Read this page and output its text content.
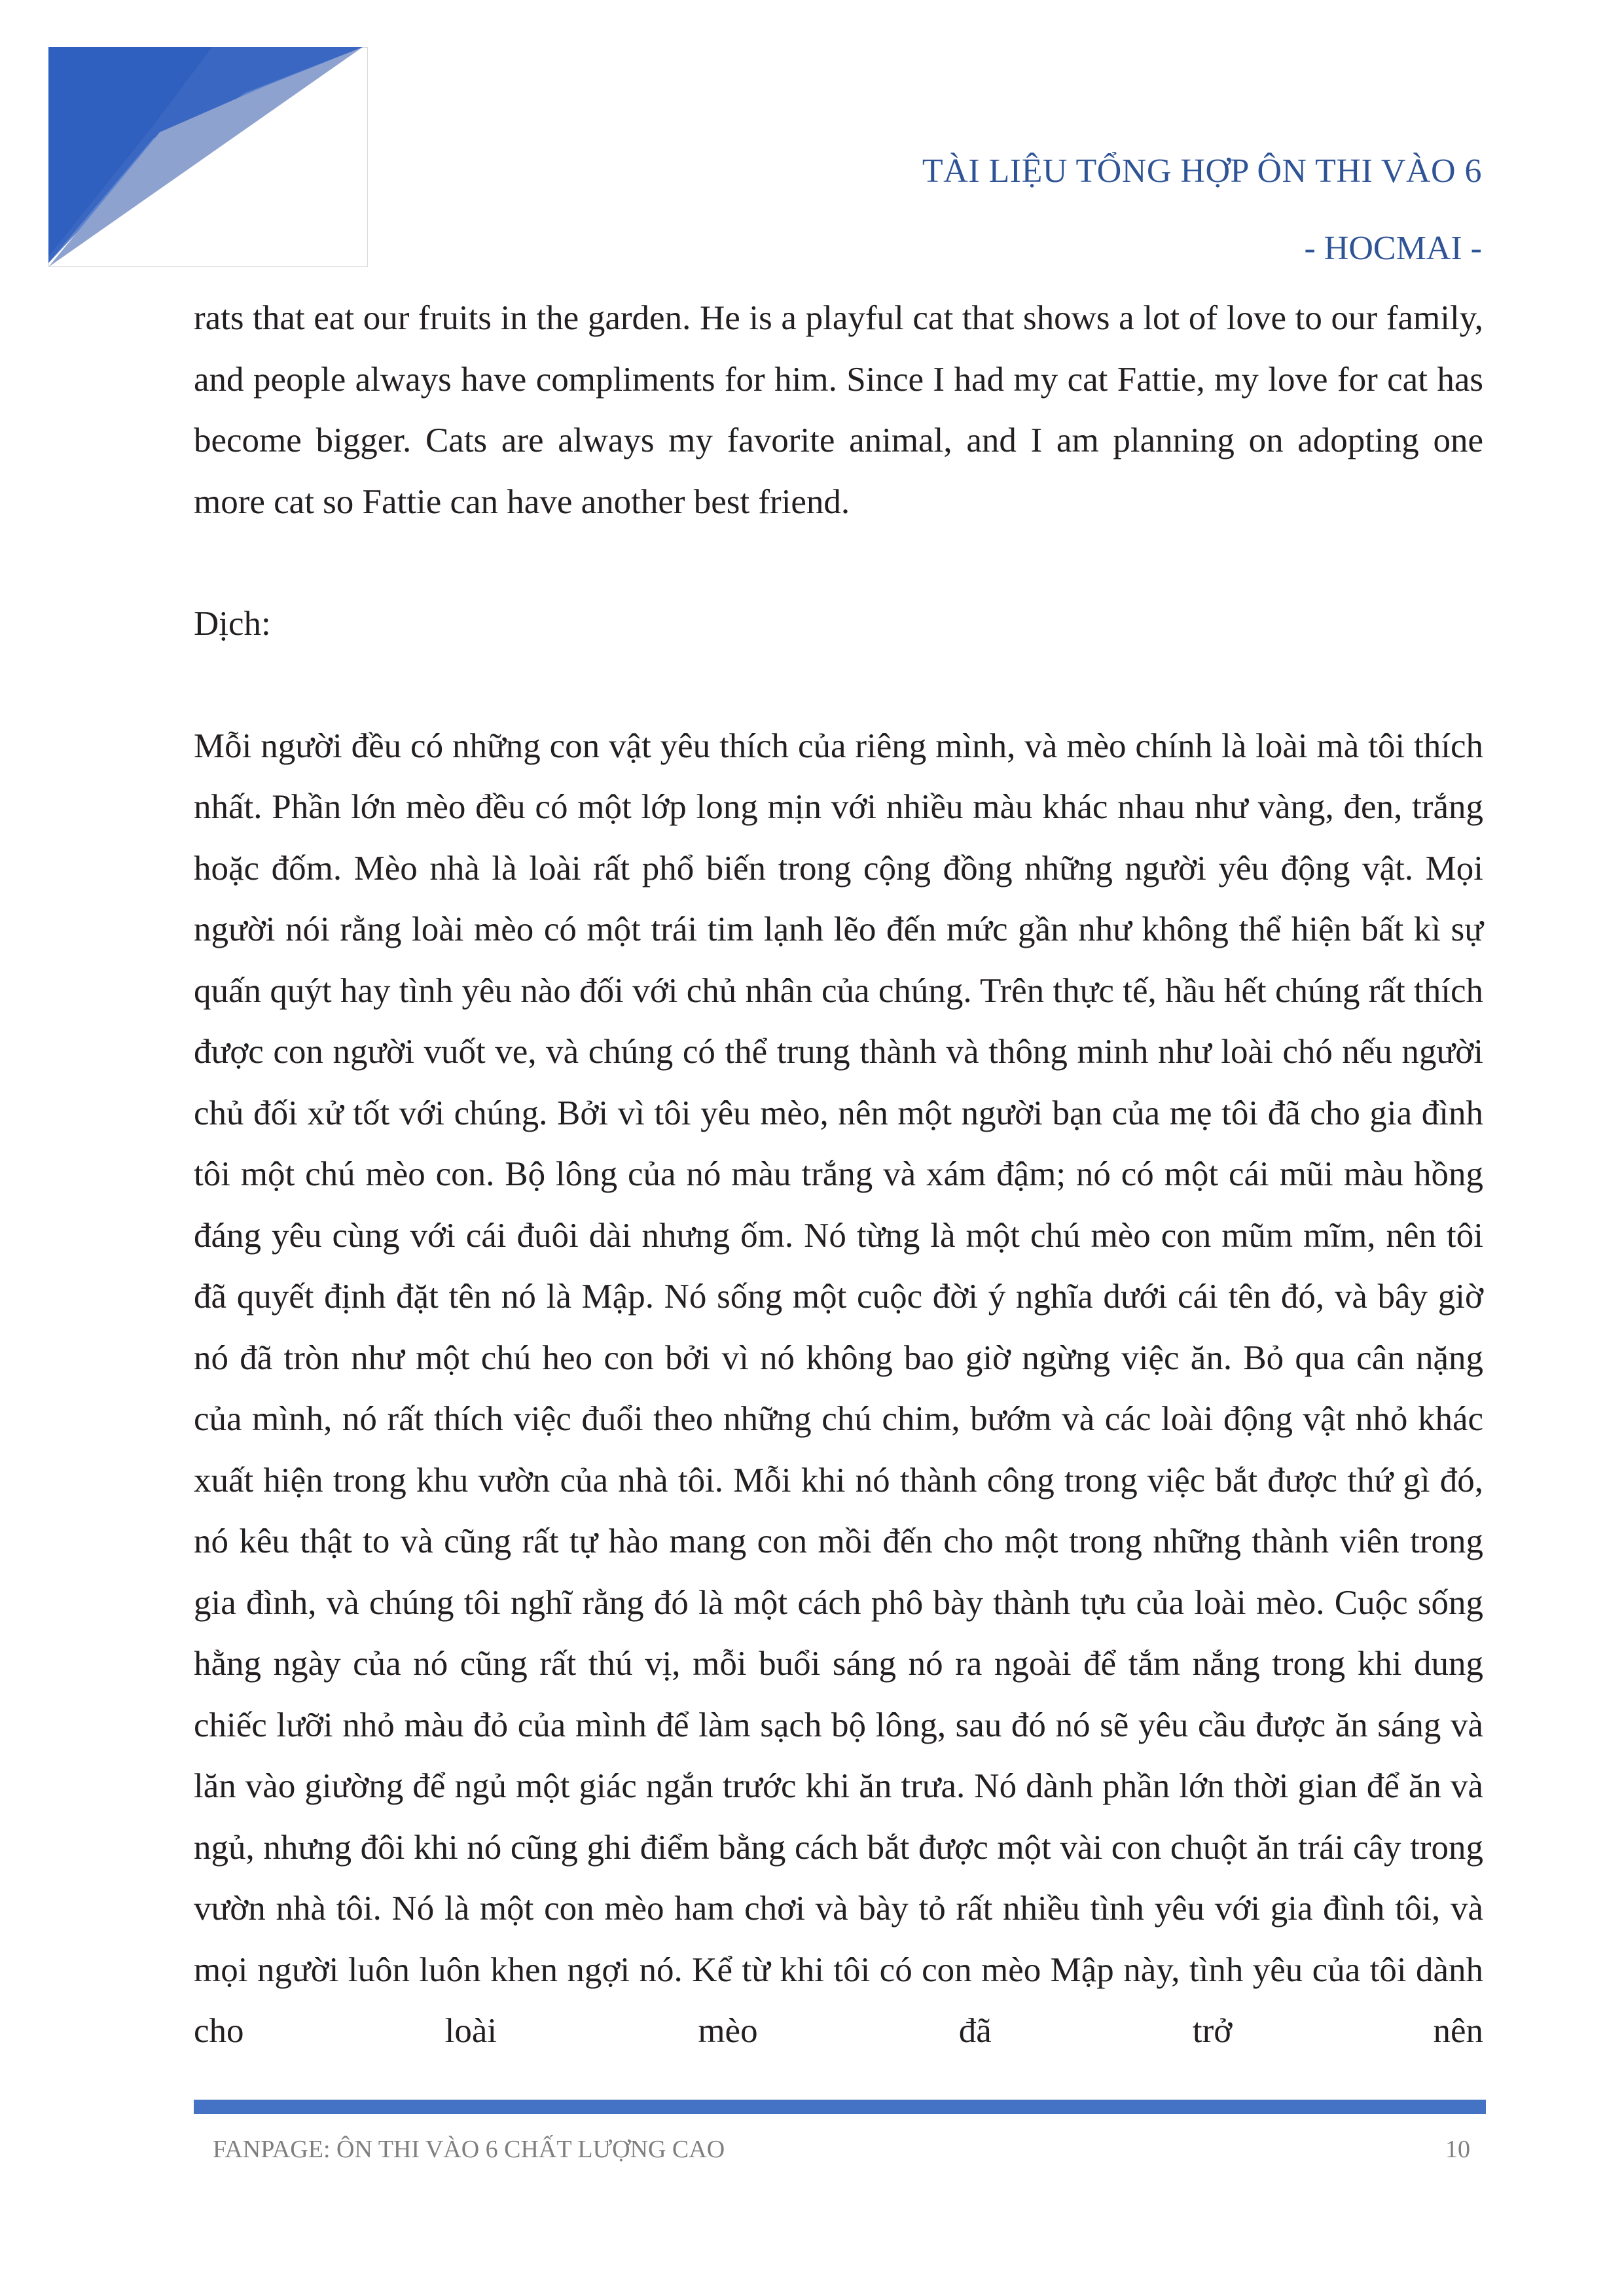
TÀI LIỆU TỔNG HỢP ÔN THI VÀO 6
- HOCMAI -

rats that eat our fruits in the garden. He is a playful cat that shows a lot of love to our family, and people always have compliments for him. Since I had my cat Fattie, my love for cat has become bigger. Cats are always my favorite animal, and I am planning on adopting one more cat so Fattie can have another best friend.

Dịch:

Mỗi người đều có những con vật yêu thích của riêng mình, và mèo chính là loài mà tôi thích nhất. Phần lớn mèo đều có một lớp long mịn với nhiều màu khác nhau như vàng, đen, trắng hoặc đốm. Mèo nhà là loài rất phổ biến trong cộng đồng những người yêu động vật. Mọi người nói rằng loài mèo có một trái tim lạnh lẽo đến mức gần như không thể hiện bất kì sự quấn quýt hay tình yêu nào đối với chủ nhân của chúng. Trên thực tế, hầu hết chúng rất thích được con người vuốt ve, và chúng có thể trung thành và thông minh như loài chó nếu người chủ đối xử tốt với chúng. Bởi vì tôi yêu mèo, nên một người bạn của mẹ tôi đã cho gia đình tôi một chú mèo con. Bộ lông của nó màu trắng và xám đậm; nó có một cái mũi màu hồng đáng yêu cùng với cái đuôi dài nhưng ốm. Nó từng là một chú mèo con mũm mĩm, nên tôi đã quyết định đặt tên nó là Mập. Nó sống một cuộc đời ý nghĩa dưới cái tên đó, và bây giờ nó đã tròn như một chú heo con bởi vì nó không bao giờ ngừng việc ăn. Bỏ qua cân nặng của mình, nó rất thích việc đuổi theo những chú chim, bướm và các loài động vật nhỏ khác xuất hiện trong khu vườn của nhà tôi. Mỗi khi nó thành công trong việc bắt được thứ gì đó, nó kêu thật to và cũng rất tự hào mang con mồi đến cho một trong những thành viên trong gia đình, và chúng tôi nghĩ rằng đó là một cách phô bày thành tựu của loài mèo. Cuộc sống hằng ngày của nó cũng rất thú vị, mỗi buổi sáng nó ra ngoài để tắm nắng trong khi dung chiếc lưỡi nhỏ màu đỏ của mình để làm sạch bộ lông, sau đó nó sẽ yêu cầu được ăn sáng và lăn vào giường để ngủ một giác ngắn trước khi ăn trưa. Nó dành phần lớn thời gian để ăn và ngủ, nhưng đôi khi nó cũng ghi điểm bằng cách bắt được một vài con chuột ăn trái cây trong vườn nhà tôi. Nó là một con mèo ham chơi và bày tỏ rất nhiều tình yêu với gia đình tôi, và mọi người luôn luôn khen ngợi nó. Kể từ khi tôi có con mèo Mập này, tình yêu của tôi dành cho loài mèo đã trở nên

FANPAGE: ÔN THI VÀO 6 CHẤT LƯỢNG CAO	10
